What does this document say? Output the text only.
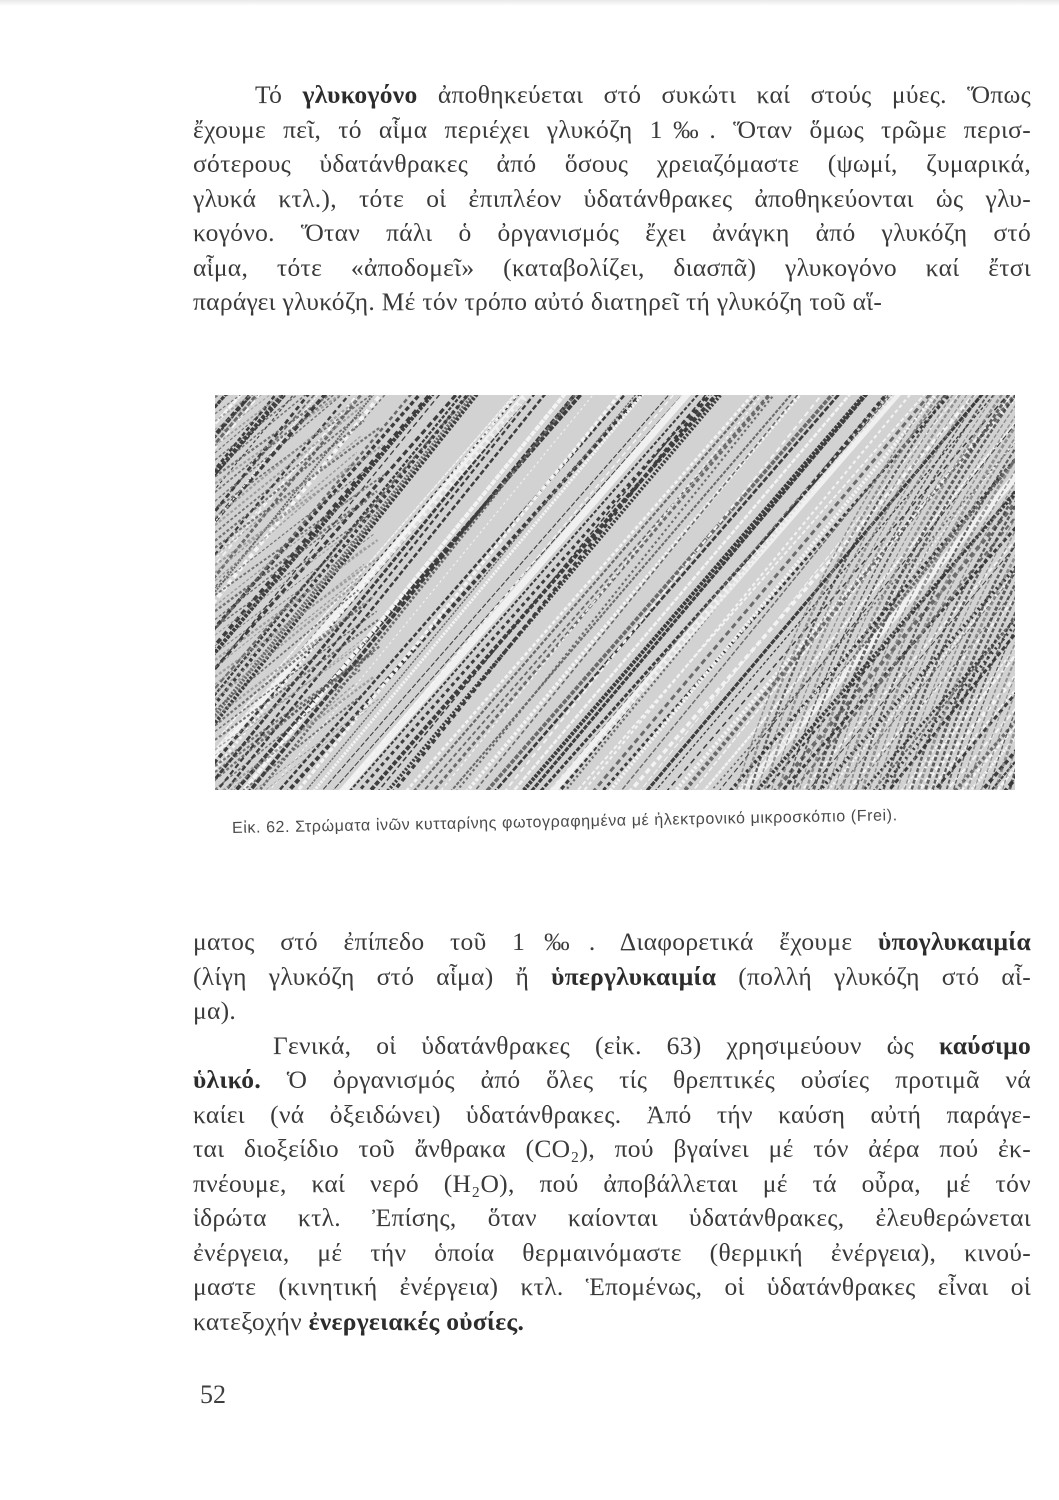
Τό γλυκογόνο ἀποθηκεύεται στό συκώτι καί στούς μύες. Ὅπως
ἔχουμε πεῖ, τό αἷμα περιέχει γλυκόζη 1‰. Ὅταν ὅμως τρῶμε περισ-
σότερους ὑδατάνθρακες ἀπό ὅσους χρειαζόμαστε (ψωμί, ζυμαρικά,
γλυκά κτλ.), τότε οἱ ἐπιπλέον ὑδατάνθρακες ἀποθηκεύονται ὡς γλυ-
κογόνο. Ὅταν πάλι ὁ ὀργανισμός ἔχει ἀνάγκη ἀπό γλυκόζη στό
αἷμα, τότε «ἀποδομεῖ» (καταβολίζει, διασπᾶ) γλυκογόνο καί ἔτσι
παράγει γλυκόζη. Μέ τόν τρόπο αὐτό διατηρεῖ τή γλυκόζη τοῦ αἵ-
Εἰκ. 62. Στρώματα ἰνῶν κυτταρίνης φωτογραφημένα μέ ἠλεκτρονικό μικροσκόπιο (Frei).
ματος στό ἐπίπεδο τοῦ 1‰. Διαφορετικά ἔχουμε ὑπογλυκαιμία
(λίγη γλυκόζη στό αἷμα) ἤ ὑπεργλυκαιμία (πολλή γλυκόζη στό αἷ-
μα).
Γενικά, οἱ ὑδατάνθρακες (εἰκ. 63) χρησιμεύουν ὡς καύσιμο
ὑλικό. Ὁ ὀργανισμός ἀπό ὅλες τίς θρεπτικές οὐσίες προτιμᾶ νά
καίει (νά ὀξειδώνει) ὑδατάνθρακες. Ἀπό τήν καύση αὐτή παράγε-
ται διοξείδιο τοῦ ἄνθρακα (CO₂), πού βγαίνει μέ τόν ἀέρα πού ἐκ-
πνέουμε, καί νερό (H₂O), πού ἀποβάλλεται μέ τά οὖρα, μέ τόν
ἱδρώτα κτλ. Ἐπίσης, ὅταν καίονται ὑδατάνθρακες, ἐλευθερώνεται
ἐνέργεια, μέ τήν ὁποία θερμαινόμαστε (θερμική ἐνέργεια), κινού-
μαστε (κινητική ἐνέργεια) κτλ. Ἑπομένως, οἱ ὑδατάνθρακες εἶναι οἱ
κατεξοχήν ἐνεργειακές οὐσίες.
52
